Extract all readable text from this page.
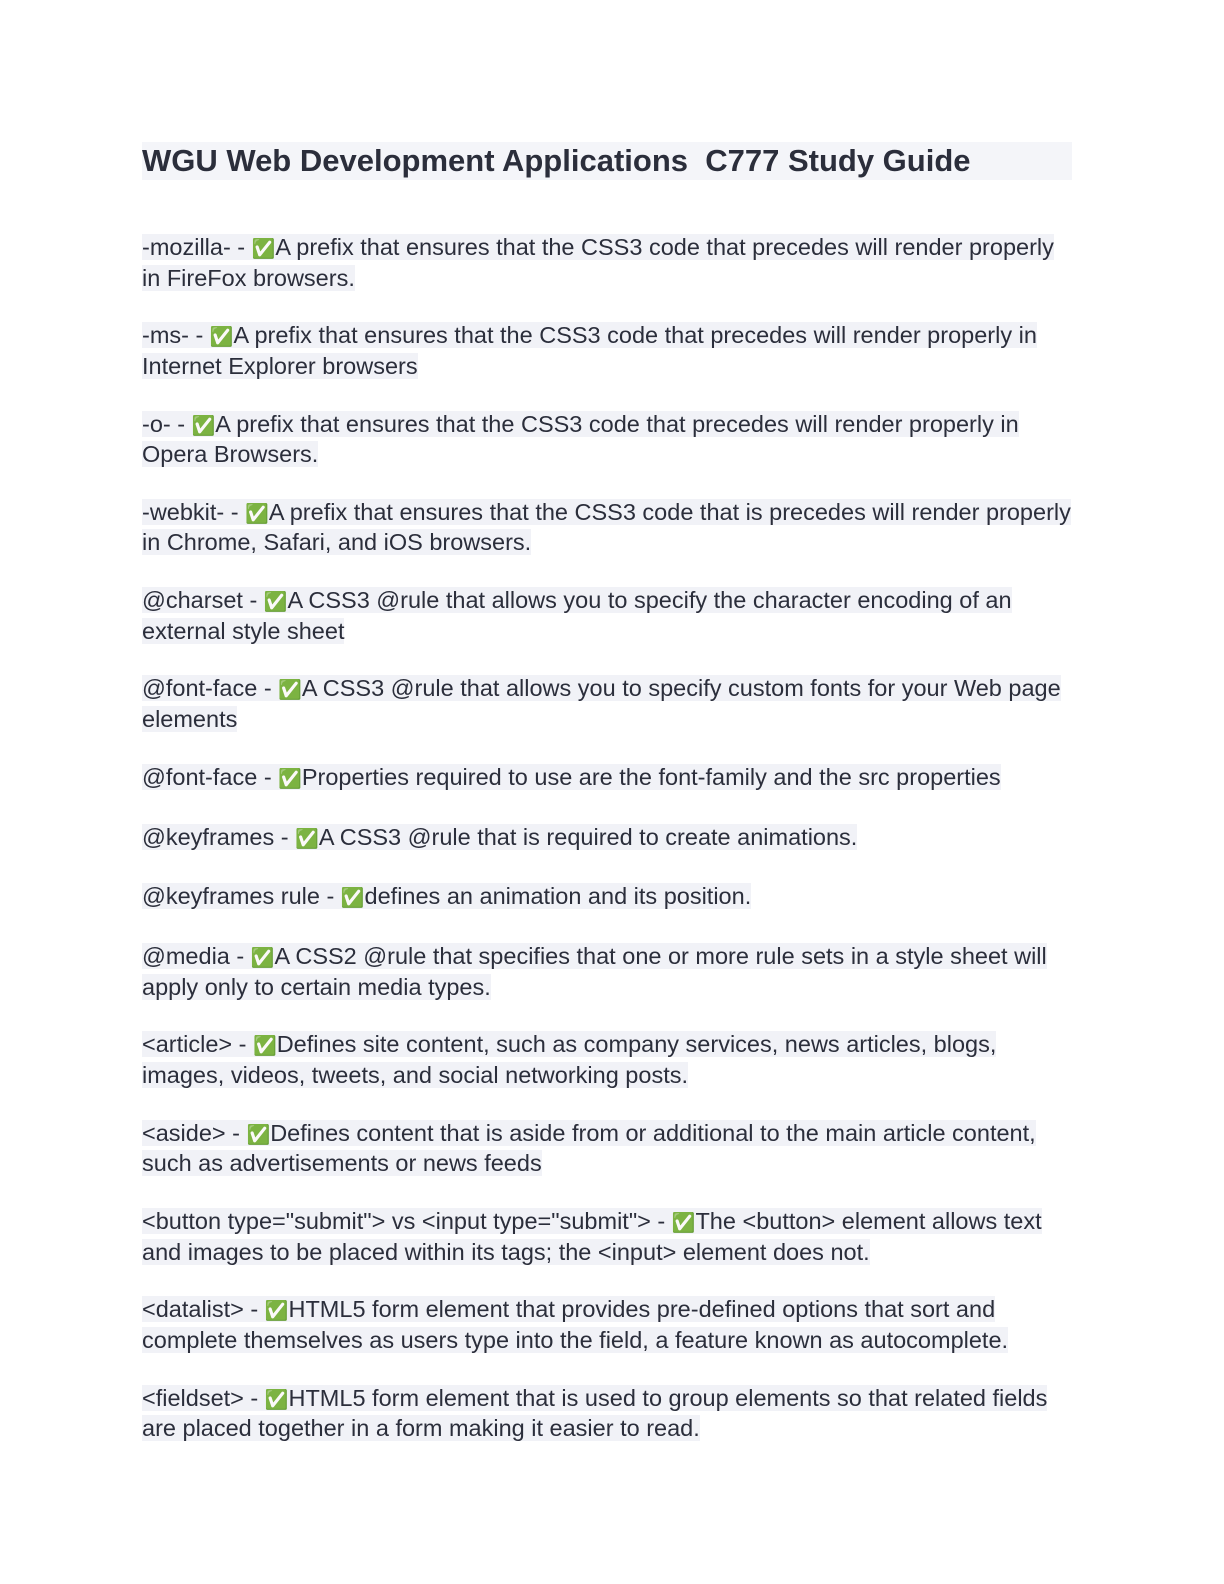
WGU Web Development Applications  C777 Study Guide
-mozilla- - ✅A prefix that ensures that the CSS3 code that precedes will render properly in FireFox browsers.
-ms- - ✅A prefix that ensures that the CSS3 code that precedes will render properly in Internet Explorer browsers
-o- - ✅A prefix that ensures that the CSS3 code that precedes will render properly in Opera Browsers.
-webkit- - ✅A prefix that ensures that the CSS3 code that is precedes will render properly in Chrome, Safari, and iOS browsers.
@charset - ✅A CSS3 @rule that allows you to specify the character encoding of an external style sheet
@font-face - ✅A CSS3 @rule that allows you to specify custom fonts for your Web page elements
@font-face - ✅Properties required to use are the font-family and the src properties
@keyframes - ✅A CSS3 @rule that is required to create animations.
@keyframes rule - ✅defines an animation and its position.
@media - ✅A CSS2 @rule that specifies that one or more rule sets in a style sheet will apply only to certain media types.
<article> - ✅Defines site content, such as company services, news articles, blogs, images, videos, tweets, and social networking posts.
<aside> - ✅Defines content that is aside from or additional to the main article content, such as advertisements or news feeds
<button type="submit"> vs <input type="submit"> - ✅The <button> element allows text and images to be placed within its tags; the <input> element does not.
<datalist> - ✅HTML5 form element that provides pre-defined options that sort and complete themselves as users type into the field, a feature known as autocomplete.
<fieldset> - ✅HTML5 form element that is used to group elements so that related fields are placed together in a form making it easier to read.
